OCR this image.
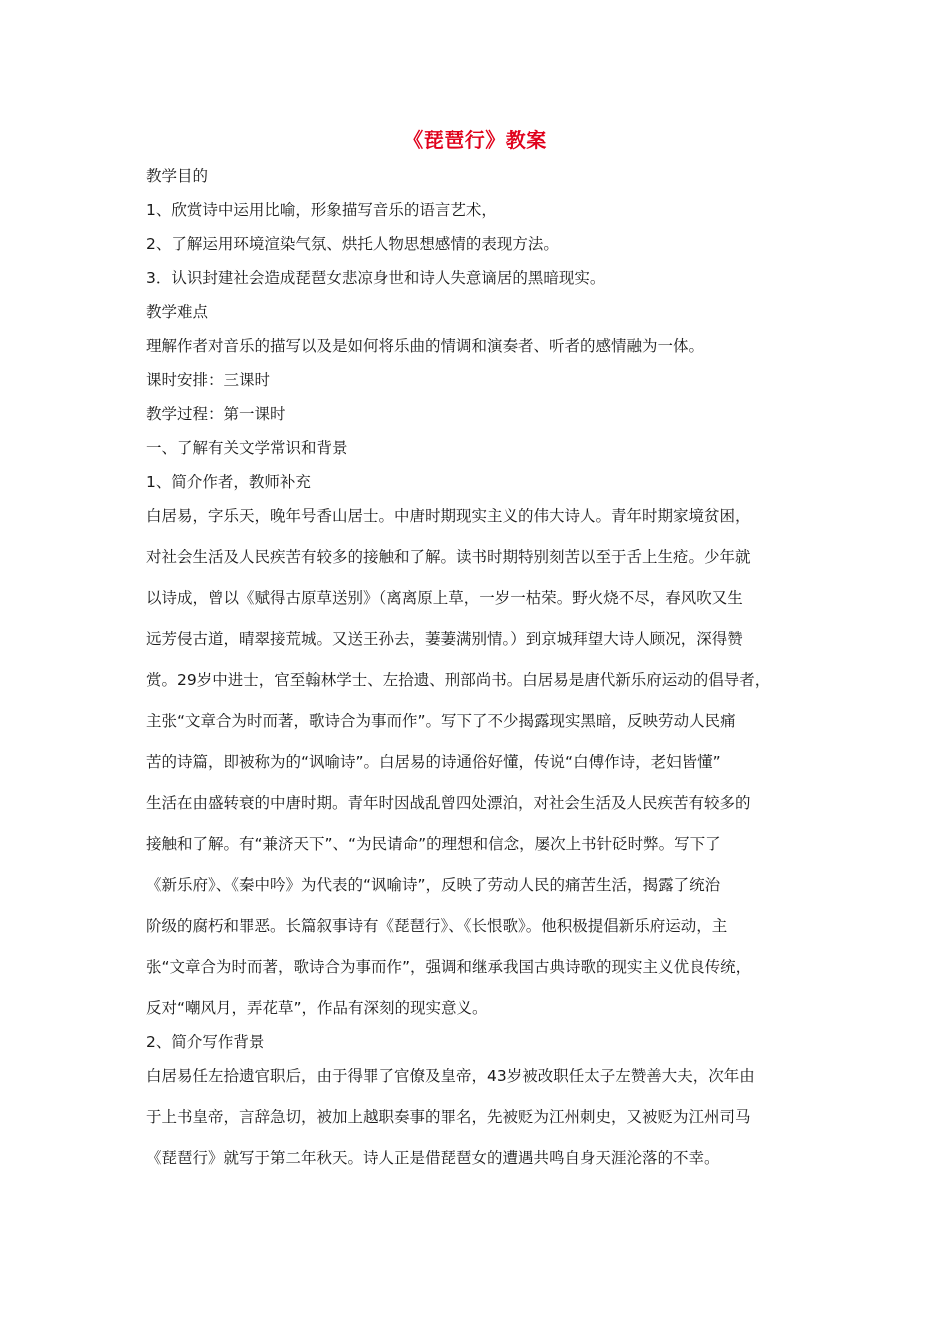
《琵琶行》教案
教学目的
1、欣赏诗中运用比喻，形象描写音乐的语言艺术，
2、了解运用环境渲染气氛、烘托人物思想感情的表现方法。
3．认识封建社会造成琵琶女悲凉身世和诗人失意谪居的黑暗现实。
教学难点
理解作者对音乐的描写以及是如何将乐曲的情调和演奏者、听者的感情融为一体。
课时安排：三课时
教学过程：第一课时
一、了解有关文学常识和背景
1、简介作者，教师补充
白居易，字乐天，晚年号香山居士。中唐时期现实主义的伟大诗人。青年时期家境贫困，
对社会生活及人民疾苦有较多的接触和了解。读书时期特别刻苦以至于舌上生疮。少年就
以诗成，曾以《赋得古原草送别》（离离原上草，一岁一枯荣。野火烧不尽，春风吹又生
远芳侵古道，晴翠接荒城。又送王孙去，萋萋满别情。）到京城拜望大诗人顾况，深得赞
赏。29岁中进士，官至翰林学士、左拾遗、刑部尚书。白居易是唐代新乐府运动的倡导者，
主张“文章合为时而著，歌诗合为事而作”。写下了不少揭露现实黑暗，反映劳动人民痛
苦的诗篇，即被称为的“讽喻诗”。白居易的诗通俗好懂，传说“白傅作诗，老妇皆懂”
生活在由盛转衰的中唐时期。青年时因战乱曾四处漂泊，对社会生活及人民疾苦有较多的
接触和了解。有“兼济天下”、“为民请命”的理想和信念，屡次上书针砭时弊。写下了
《新乐府》、《秦中吟》为代表的“讽喻诗”，反映了劳动人民的痛苦生活，揭露了统治
阶级的腐朽和罪恶。长篇叙事诗有《琵琶行》、《长恨歌》。他积极提倡新乐府运动，主
张“文章合为时而著，歌诗合为事而作”，强调和继承我国古典诗歌的现实主义优良传统，
反对“嘲风月，弄花草”，作品有深刻的现实意义。
2、简介写作背景
白居易任左拾遗官职后，由于得罪了官僚及皇帝，43岁被改职任太子左赞善大夫，次年由
于上书皇帝，言辞急切，被加上越职奏事的罪名，先被贬为江州刺史，又被贬为江州司马
《琵琶行》就写于第二年秋天。诗人正是借琵琶女的遭遇共鸣自身天涯沦落的不幸。
